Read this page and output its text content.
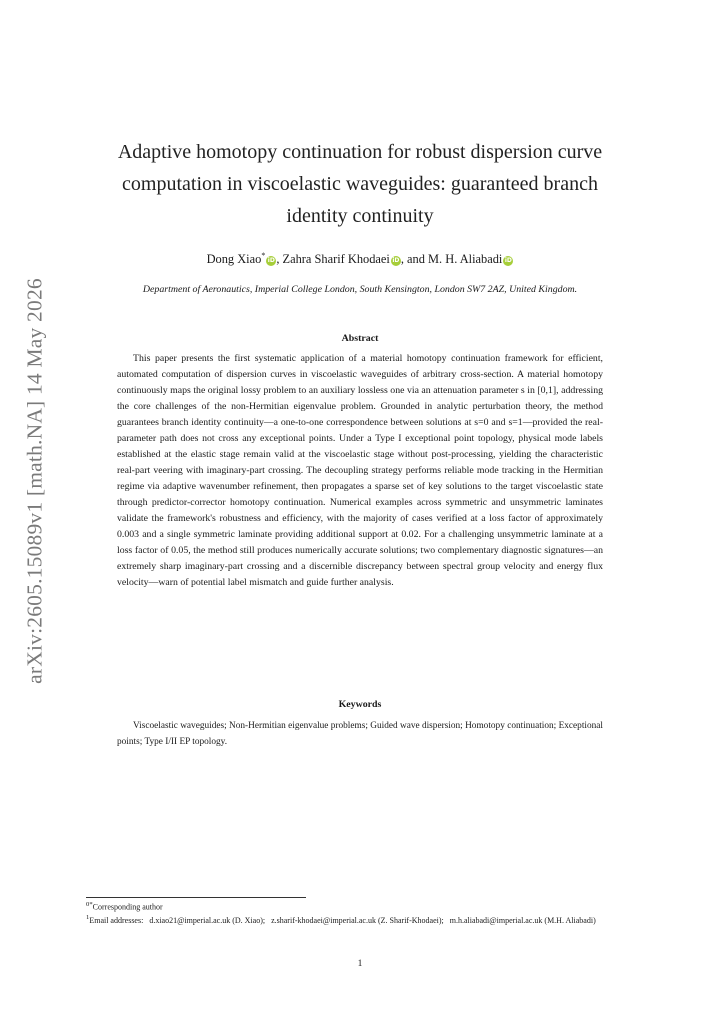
arXiv:2605.15089v1 [math.NA] 14 May 2026
Adaptive homotopy continuation for robust dispersion curve computation in viscoelastic waveguides: guaranteed branch identity continuity
Dong Xiao*iD, Zahra Sharif Khodaei iD, and M. H. Aliabadi iD
Department of Aeronautics, Imperial College London, South Kensington, London SW7 2AZ, United Kingdom.
Abstract

This paper presents the first systematic application of a material homotopy continuation framework for efficient, automated computation of dispersion curves in viscoelastic waveguides of arbitrary cross-section. A material homotopy continuously maps the original lossy problem to an auxiliary lossless one via an attenuation parameter s in [0,1], addressing the core challenges of the non-Hermitian eigenvalue problem. Grounded in analytic perturbation theory, the method guarantees branch identity continuity—a one-to-one correspondence between solutions at s=0 and s=1—provided the real-parameter path does not cross any exceptional points. Under a Type I exceptional point topology, physical mode labels established at the elastic stage remain valid at the viscoelastic stage without post-processing, yielding the characteristic real-part veering with imaginary-part crossing. The decoupling strategy performs reliable mode tracking in the Hermitian regime via adaptive wavenumber refinement, then propagates a sparse set of key solutions to the target viscoelastic state through predictor-corrector homotopy continuation. Numerical examples across symmetric and unsymmetric laminates validate the framework's robustness and efficiency, with the majority of cases verified at a loss factor of approximately 0.003 and a single symmetric laminate providing additional support at 0.02. For a challenging unsymmetric laminate at a loss factor of 0.05, the method still produces numerically accurate solutions; two complementary diagnostic signatures—an extremely sharp imaginary-part crossing and a discernible discrepancy between spectral group velocity and energy flux velocity—warn of potential label mismatch and guide further analysis.

Keywords

Viscoelastic waveguides; Non-Hermitian eigenvalue problems; Guided wave dispersion; Homotopy continuation; Exceptional points; Type I/II EP topology.

$^{0*}$Corresponding author

$^1$Email addresses: d.xiao21@imperial.ac.uk (D. Xiao); z.sharif-khodaei@imperial.ac.uk (Z. Sharif-Khodaei); m.h.aliabadi@imperial.ac.uk (M.H. Aliabadi)

1
